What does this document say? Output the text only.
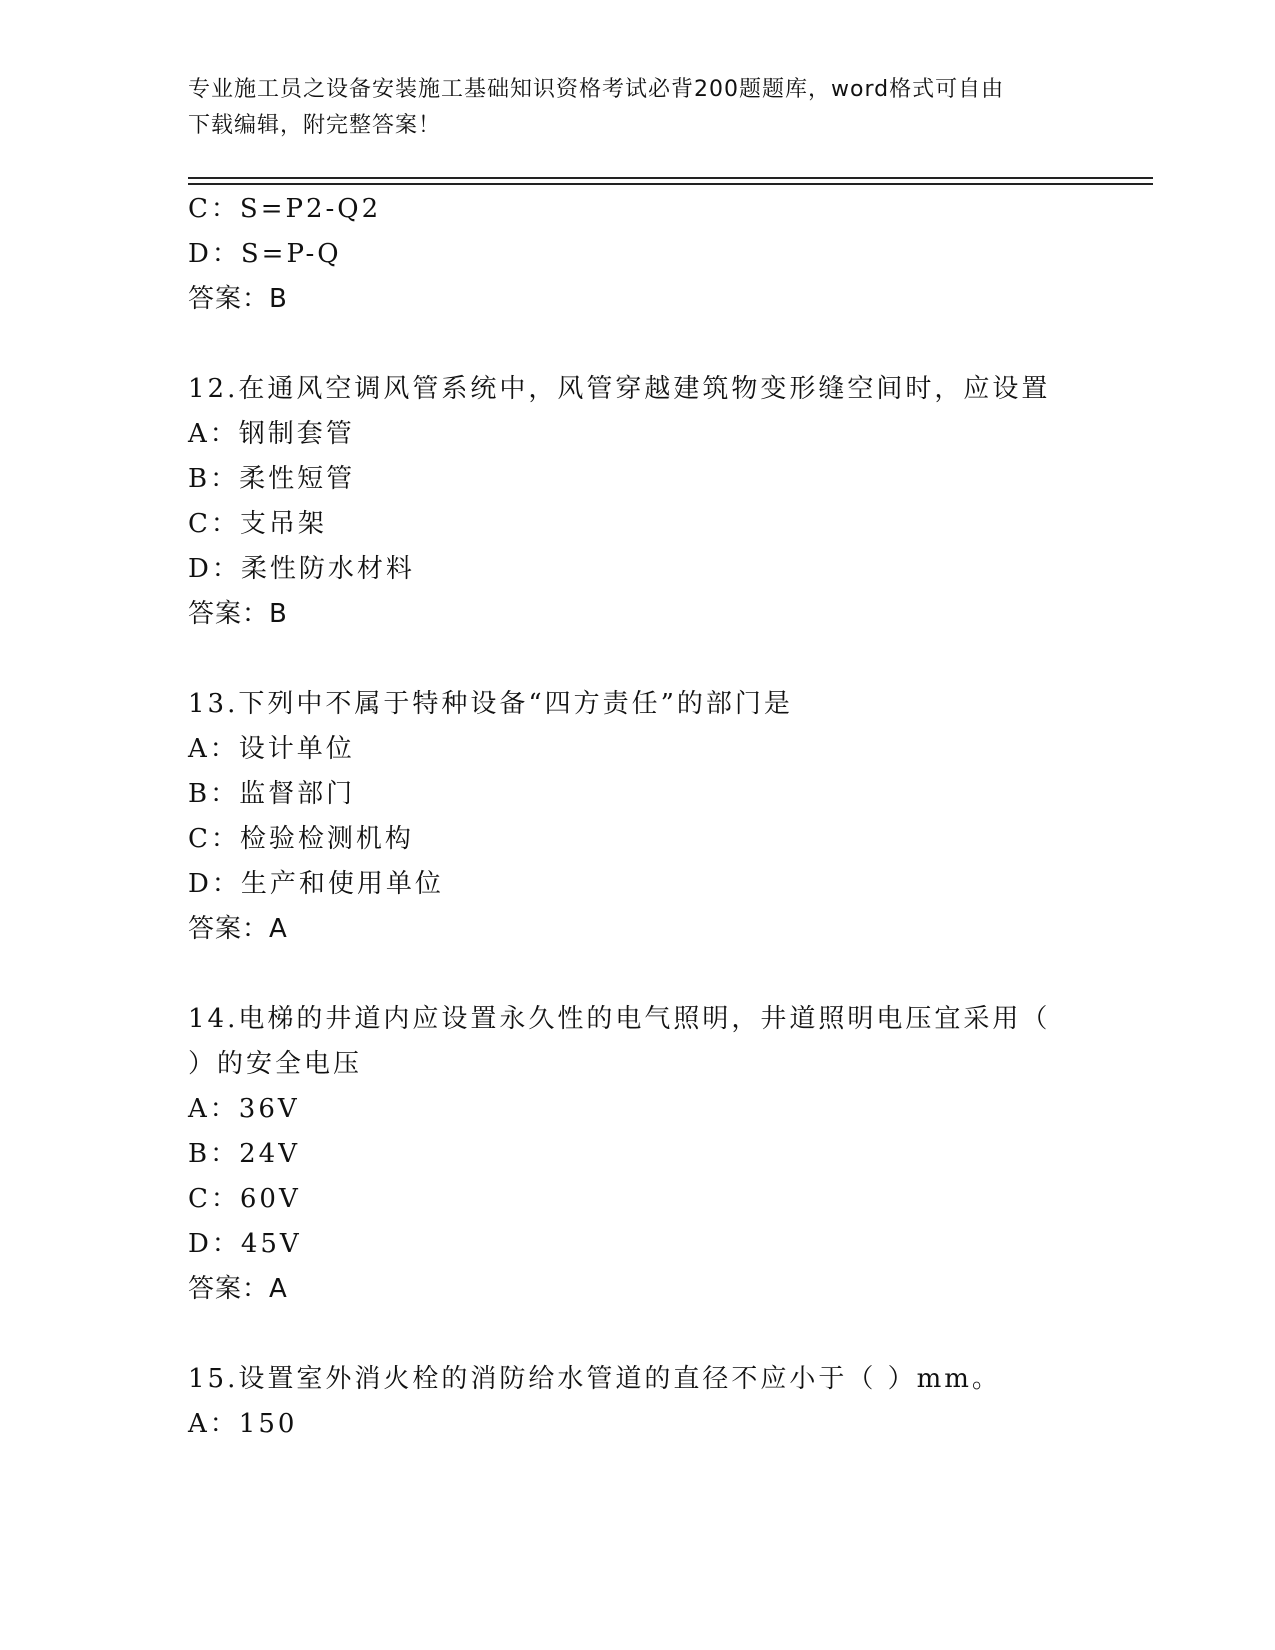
专业施工员之设备安装施工基础知识资格考试必背200题题库，word格式可自由
下载编辑，附完整答案！
C：S=P2-Q2
D：S=P-Q
答案：B
12.在通风空调风管系统中，风管穿越建筑物变形缝空间时，应设置
A：钢制套管
B：柔性短管
C：支吊架
D：柔性防水材料
答案：B
13.下列中不属于特种设备“四方责任”的部门是
A：设计单位
B：监督部门
C：检验检测机构
D：生产和使用单位
答案：A
14.电梯的井道内应设置永久性的电气照明，井道照明电压宜采用（
）的安全电压
A：36V
B：24V
C：60V
D：45V
答案：A
15.设置室外消火栓的消防给水管道的直径不应小于（ ）mm。
A：150
